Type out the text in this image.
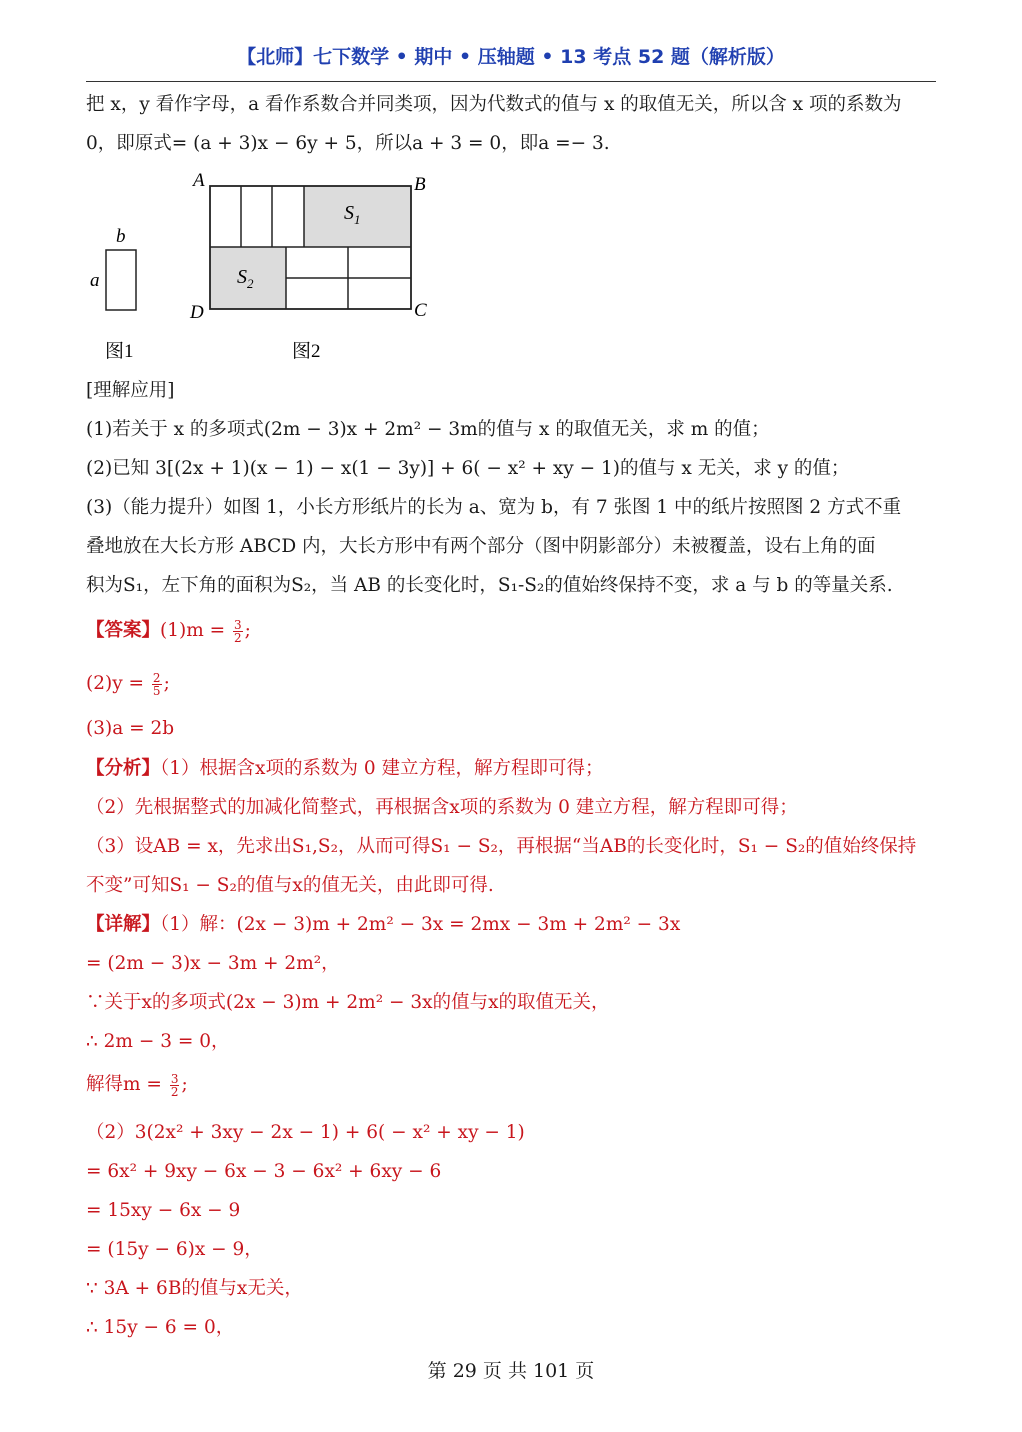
【北师】七下数学 • 期中 • 压轴题 • 13 考点 52 题（解析版）
把 x，y 看作字母，a 看作系数合并同类项，因为代数式的值与 x 的取值无关，所以含 x 项的系数为
0，即原式= (a + 3)x − 6y + 5，所以a + 3 = 0，即a =− 3.
b
a
A	B
C
D
$S_1$
$S_2$
图1	图2
[理解应用]
(1)若关于 x 的多项式(2m − 3)x + 2m² − 3m的值与 x 的取值无关，求 m 的值；
(2)已知 3[(2x + 1)(x − 1) − x(1 − 3y)] + 6( − x² + xy − 1)的值与 x 无关，求 y 的值；
(3)（能力提升）如图 1，小长方形纸片的长为 a、宽为 b，有 7 张图 1 中的纸片按照图 2 方式不重
叠地放在大长方形 ABCD 内，大长方形中有两个部分（图中阴影部分）未被覆盖，设右上角的面
积为S₁，左下角的面积为S₂，当 AB 的长变化时，S₁-S₂的值始终保持不变，求 a 与 b 的等量关系.
【答案】$(1)m = \frac{3}{2}$ ;
$(2)y = \frac{2}{5}$ ;
(3)a = 2b
【分析】（1）根据含x项的系数为 0 建立方程，解方程即可得；
（2）先根据整式的加减化简整式，再根据含x项的系数为 0 建立方程，解方程即可得；
（3）设AB = x，先求出S₁,S₂，从而可得S₁ − S₂，再根据“当AB的长变化时，S₁ − S₂的值始终保持
不变”可知S₁ − S₂的值与x的值无关，由此即可得.
【详解】（1）解：(2x − 3)m + 2m² − 3x = 2mx − 3m + 2m² − 3x
= (2m − 3)x − 3m + 2m²，
∵关于x的多项式(2x − 3)m + 2m² − 3x的值与x的取值无关，
∴ 2m − 3 = 0，
解得$m = \frac{3}{2}$ ;
（2）3(2x² + 3xy − 2x − 1) + 6( − x² + xy − 1)
= 6x² + 9xy − 6x − 3 − 6x² + 6xy − 6
= 15xy − 6x − 9
= (15y − 6)x − 9，
∵ 3A + 6B的值与x无关，
∴ 15y − 6 = 0，
第 29 页 共 101 页
